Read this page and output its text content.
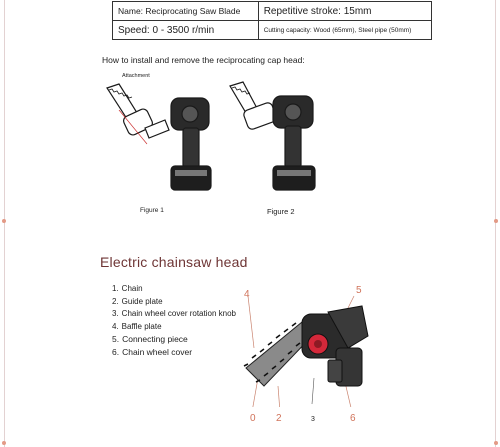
Name: Reciprocating Saw Blade	Repetitive stroke: 15mm
Speed: 0 - 3500 r/min	Cutting capacity: Wood (65mm), Steel pipe (50mm)
How to install and remove the reciprocating cap head:
Attachment
Figure 1	Figure 2
Electric chainsaw head
1. Chain
2. Guide plate
3. Chain wheel cover rotation knob
4. Baffle plate
5. Connecting piece
6. Chain wheel cover
4	5
0 2	3	6
